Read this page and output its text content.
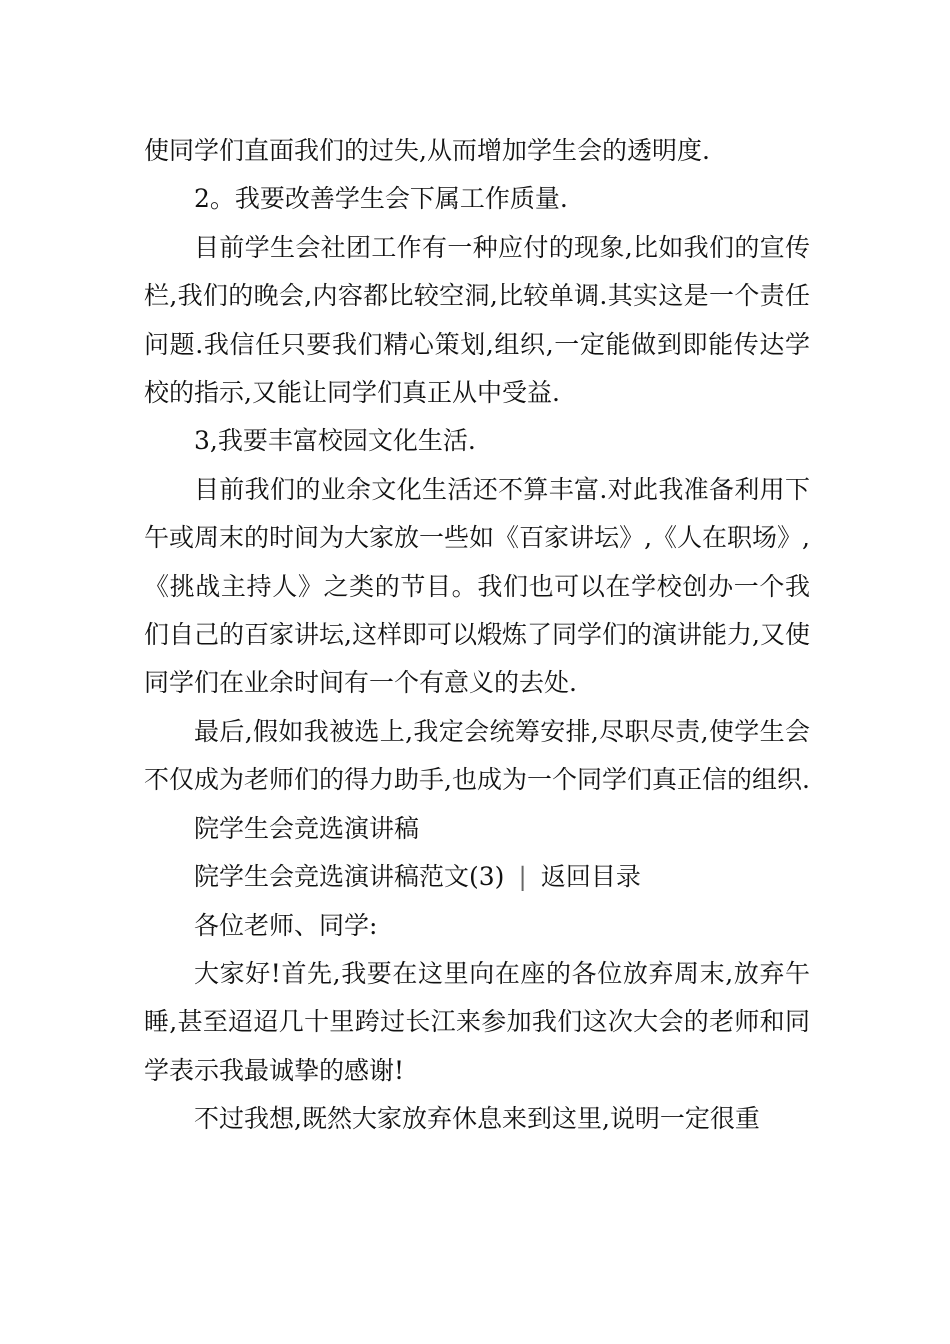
使同学们直面我们的过失,从而增加学生会的透明度.

2。我要改善学生会下属工作质量.

目前学生会社团工作有一种应付的现象,比如我们的宣传栏,我们的晚会,内容都比较空洞,比较单调.其实这是一个责任问题.我信任只要我们精心策划,组织,一定能做到即能传达学校的指示,又能让同学们真正从中受益.

3,我要丰富校园文化生活.

目前我们的业余文化生活还不算丰富.对此我准备利用下午或周末的时间为大家放一些如《百家讲坛》,《人在职场》,《挑战主持人》之类的节目。我们也可以在学校创办一个我们自己的百家讲坛,这样即可以煅炼了同学们的演讲能力,又使同学们在业余时间有一个有意义的去处.

最后,假如我被选上,我定会统筹安排,尽职尽责,使学生会不仅成为老师们的得力助手,也成为一个同学们真正信的组织.

院学生会竞选演讲稿

院学生会竞选演讲稿范文(3) | 返回目录

各位老师、同学:

大家好!首先,我要在这里向在座的各位放弃周末,放弃午睡,甚至迢迢几十里跨过长江来参加我们这次大会的老师和同学表示我最诚挚的感谢!

不过我想,既然大家放弃休息来到这里,说明一定很重
